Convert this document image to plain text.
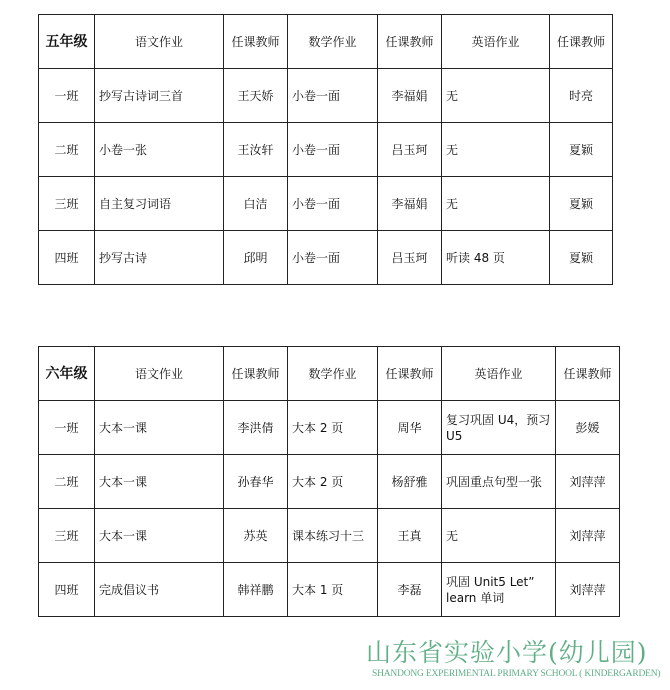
五年级	语文作业	任课教师	数学作业	任课教师	英语作业	任课教师
一班	抄写古诗词三首	王天娇	小卷一面	李福娟	无	时亮
二班	小卷一张	王汝轩	小卷一面	吕玉珂	无	夏颖
三班	自主复习词语	白洁	小卷一面	李福娟	无	夏颖
四班	抄写古诗	邱明	小卷一面	吕玉珂	听读 48 页	夏颖
六年级	语文作业	任课教师	数学作业	任课教师	英语作业	任课教师
一班	大本一课	李洪倩	大本 2 页	周华	复习巩固 U4，预习 U5	彭媛
二班	大本一课	孙春华	大本 2 页	杨舒雅	巩固重点句型一张	刘萍萍
三班	大本一课	苏英	课本练习十三	王真	无	刘萍萍
四班	完成倡议书	韩祥鹏	大本 1 页	李磊	巩固 Unit5 Let” learn 单词	刘萍萍
山东省实验小学(幼儿园)
SHANDONG EXPERIMENTAL PRIMARY SCHOOL ( KINDERGARDEN)
